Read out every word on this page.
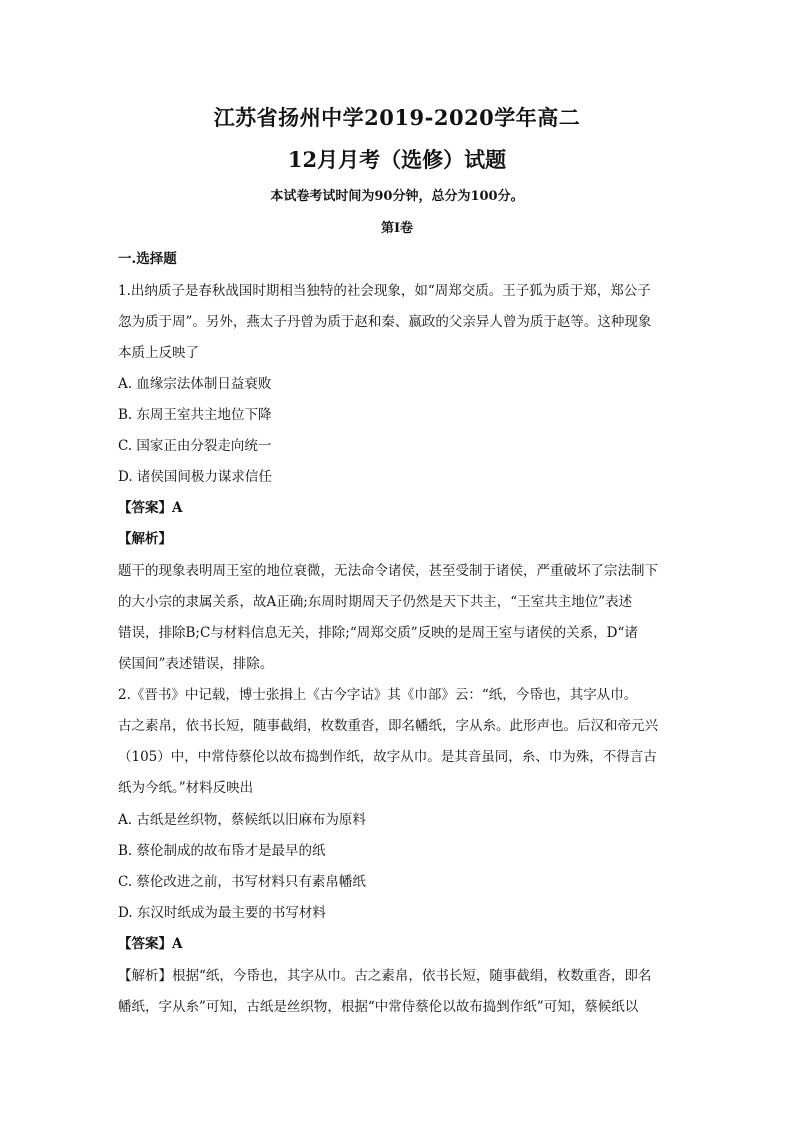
江苏省扬州中学2019-2020学年高二
12月月考（选修）试题
本试卷考试时间为90分钟，总分为100分。
第Ⅰ卷
一.选择题
1.出纳质子是春秋战国时期相当独特的社会现象，如“周郑交质。王子狐为质于郑，郑公子
忽为质于周”。另外，燕太子丹曾为质于赵和秦、嬴政的父亲异人曾为质于赵等。这种现象
本质上反映了
A. 血缘宗法体制日益衰败
B. 东周王室共主地位下降
C. 国家正由分裂走向统一
D. 诸侯国间极力谋求信任
【答案】A
【解析】
题干的现象表明周王室的地位衰微，无法命令诸侯，甚至受制于诸侯，严重破坏了宗法制下
的大小宗的隶属关系，故A正确;东周时期周天子仍然是天下共主，“王室共主地位”表述
错误，排除B;C与材料信息无关，排除;“周郑交质”反映的是周王室与诸侯的关系，D“诸
侯国间”表述错误，排除。
2.《晋书》中记载，博士张揖上《古今字诂》其《巾部》云：“纸，今帋也，其字从巾。
古之素帛，依书长短，随事截绢，枚数重沓，即名幡纸，字从糸。此形声也。后汉和帝元兴
（105）中，中常侍蔡伦以故布捣剉作纸，故字从巾。是其音虽同，糸、巾为殊，不得言古
纸为今纸。”材料反映出
A. 古纸是丝织物，蔡候纸以旧麻布为原料
B. 蔡伦制成的故布帋才是最早的纸
C. 蔡伦改进之前，书写材料只有素帛幡纸
D. 东汉时纸成为最主要的书写材料
【答案】A
【解析】根据“纸，今帋也，其字从巾。古之素帛，依书长短，随事截绢，枚数重沓，即名
幡纸，字从糸”可知，古纸是丝织物，根据“中常侍蔡伦以故布捣剉作纸”可知，蔡候纸以
